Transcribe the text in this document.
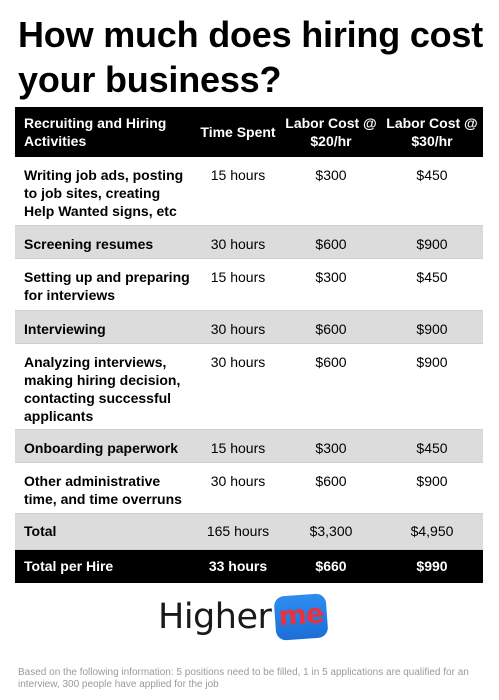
How much does hiring cost your business?
Recruiting and Hiring Activities	Time Spent	Labor Cost @ $20/hr	Labor Cost @ $30/hr
Writing job ads, posting to job sites, creating Help Wanted signs, etc	15 hours	$300	$450
Screening resumes	30 hours	$600	$900
Setting up and preparing for interviews	15 hours	$300	$450
Interviewing	30 hours	$600	$900
Analyzing interviews, making hiring decision, contacting successful applicants	30 hours	$600	$900
Onboarding paperwork	15 hours	$300	$450
Other administrative time, and time overruns	30 hours	$600	$900
Total	165 hours	$3,300	$4,950
Total per Hire	33 hours	$660	$990
Higher me

Based on the following information: 5 positions need to be filled, 1 in 5 applications are qualified for an interview, 300 people have applied for the job
